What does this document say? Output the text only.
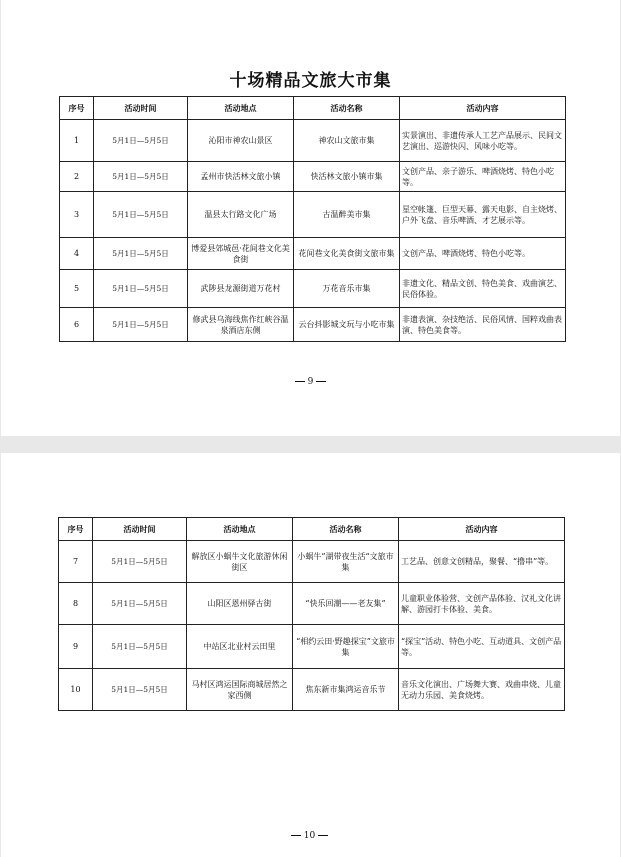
十场精品文旅大市集
序号	活动时间	活动地点	活动名称	活动内容
1	5月1日—5月5日	沁阳市神农山景区	神农山文旅市集	实景演出、非遗传承人工艺产品展示、民间文艺演出、巡游快闪、风味小吃等。
2	5月1日—5月5日	孟州市快活林文旅小镇	快活林文旅小镇市集	文创产品、亲子游乐、啤酒烧烤、特色小吃等。
3	5月1日—5月5日	温县太行路文化广场	古温醉美市集	星空帐篷、巨型天幕、露天电影、自主烧烤、户外飞盘、音乐啤酒、才艺展示等。
4	5月1日—5月5日	博爱县郊城邑·花间巷文化美食街	花间巷文化美食街文旅市集	文创产品、啤酒烧烤、特色小吃等。
5	5月1日—5月5日	武陟县龙源街道万花村	万花音乐市集	非遗文化、精品文创、特色美食、戏曲演艺、民俗体验。
6	5月1日—5月5日	修武县乌海线焦作红峡谷温泉酒店东侧	云台抖影城文玩与小吃市集	非遗表演、杂技绝活、民俗风情、国粹戏曲表演、特色美食等。
9
序号	活动时间	活动地点	活动名称	活动内容
7	5月1日—5月5日	解放区小蜗牛文化旅游休闲街区	小蜗牛”湖带夜生活“文旅市集	工艺品、创意文创精品，聚餐、“撸串”等。
8	5月1日—5月5日	山阳区恩州驿古街	“快乐回潮——老友集”	儿童职业体验营、文创产品体验、汉礼文化讲解、游园打卡体验、美食。
9	5月1日—5月5日	中站区北业村云田里	“相约云田·野趣探宝”文旅市集	“探宝”活动、特色小吃、互动道具、文创产品等。
10	5月1日—5月5日	马村区鸿运国际商城居然之家西侧	焦东新市集鸿运音乐节	音乐文化演出、广场舞大赛、戏曲串烧、儿童无动力乐园、美食烧烤。
10
